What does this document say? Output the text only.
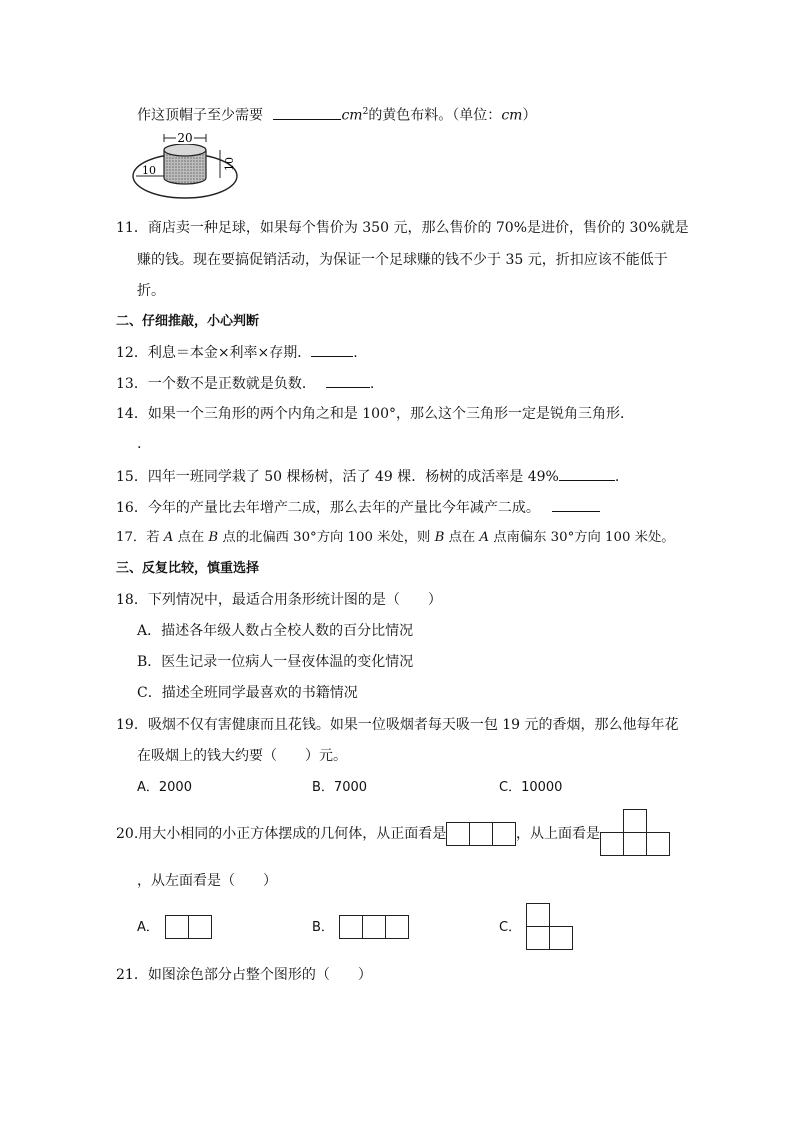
作这顶帽子至少需要	$cm^2$的黄色布料。（单位：cm）
20
10	10
11．商店卖一种足球，如果每个售价为 350 元，那么售价的 70%是进价，售价的 30%就是
赚的钱。现在要搞促销活动，为保证一个足球赚的钱不少于 35 元，折扣应该不能低于
折。
二、仔细推敲，小心判断
12．利息＝本金×利率×存期．	.
13．一个数不是正数就是负数．	.
14．如果一个三角形的两个内角之和是 100°，那么这个三角形一定是锐角三角形．
.
15．四年一班同学栽了 50 棵杨树，活了 49 棵．杨树的成活率是 49%	.
16．今年的产量比去年增产二成，那么去年的产量比今年减产二成。
17．若 A 点在 B 点的北偏西 30°方向 100 米处，则 B 点在 A 点南偏东 30°方向 100 米处。
三、反复比较，慎重选择
18．下列情况中，最适合用条形统计图的是（　　）
A．描述各年级人数占全校人数的百分比情况
B．医生记录一位病人一昼夜体温的变化情况
C．描述全班同学最喜欢的书籍情况
19．吸烟不仅有害健康而且花钱。如果一位吸烟者每天吸一包 19 元的香烟，那么他每年花
在吸烟上的钱大约要（　　）元。
A．2000	B．7000	C．10000
20.用大小相同的小正方体摆成的几何体，从正面看是	，从上面看是
，从左面看是（　　）
A．	B．	C．
21．如图涂色部分占整个图形的（　　）
